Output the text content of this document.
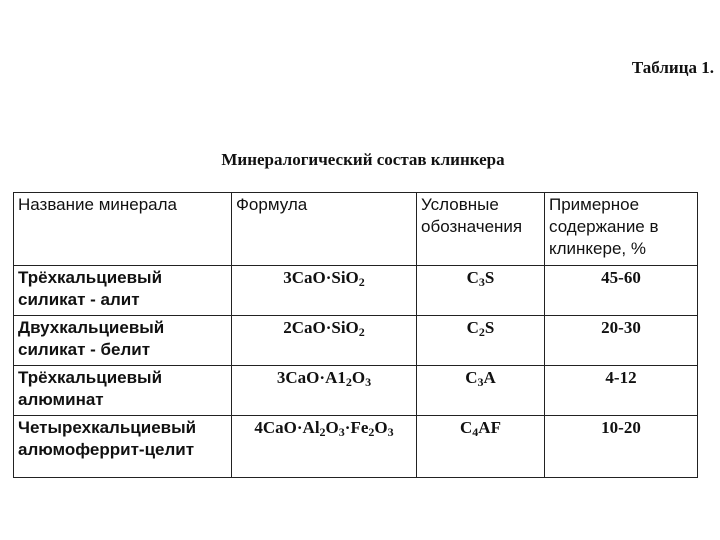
Таблица 1.
Минералогический состав клинкера
Название минерала	Формула	Условные обозначения	Примерное содержание в клинкере, %
Трёхкальциевый силикат - алит	3CaO·SiO$_2$	$C_3S$	45-60
Двухкальциевый силикат - белит	2CaO·SiO$_2$	$C_2S$	20-30
Трёхкальциевый алюминат	$3CaO\cdot A1_2O_3$	$C_3A$	4-12
Четырехкальциевый алюмоферрит-целит	$4CaO\cdot Al_2O_3\cdot Fe_2O_3$	$C_4AF$	10-20
